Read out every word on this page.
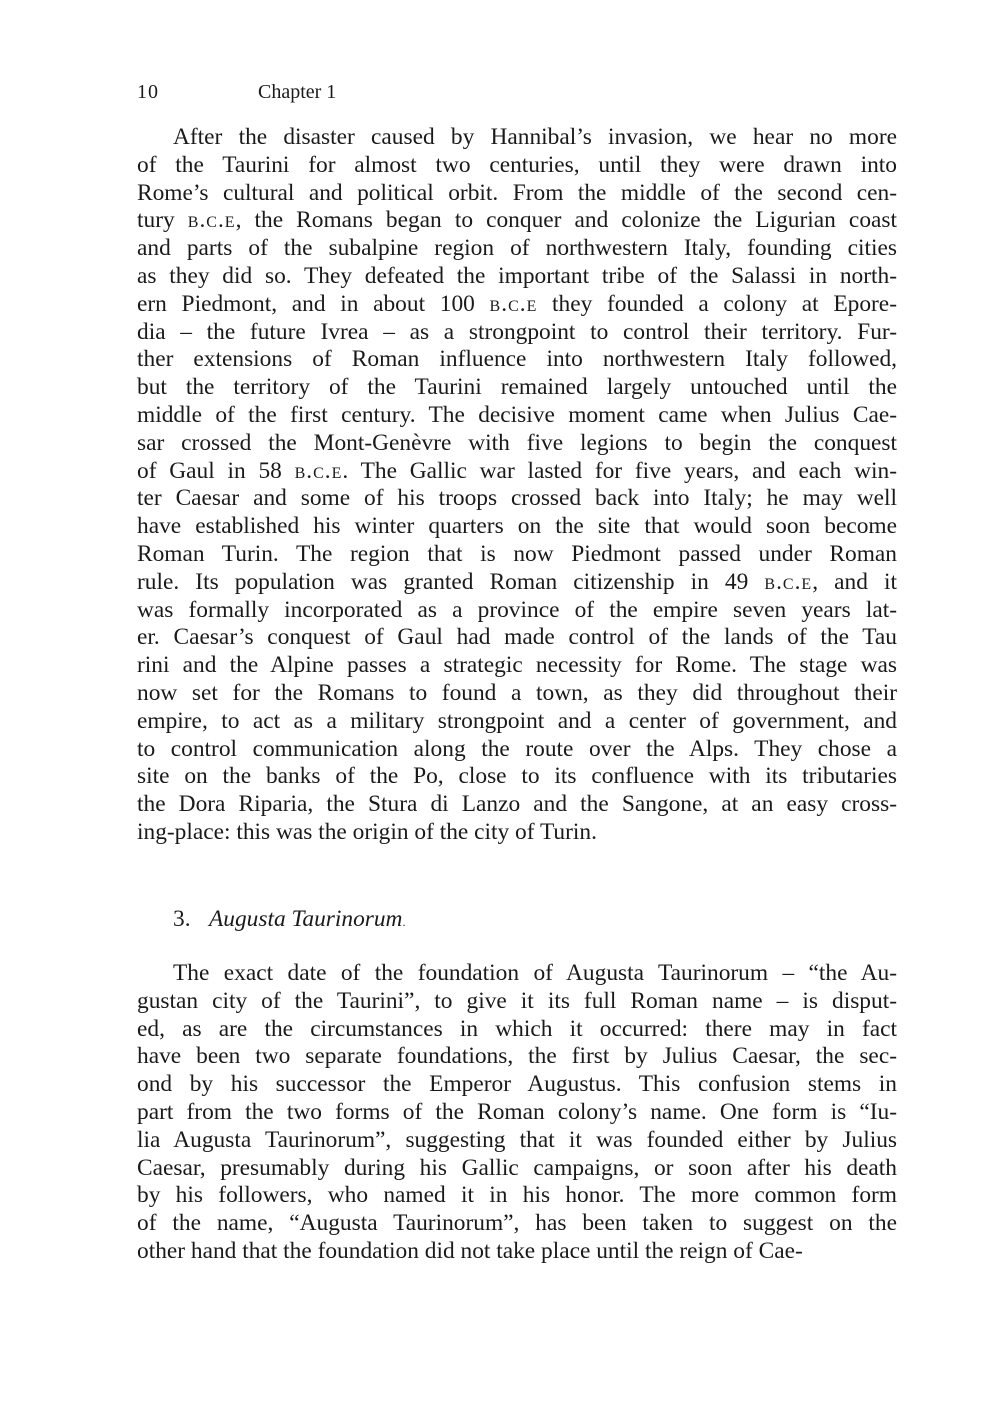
10	Chapter 1
After the disaster caused by Hannibal’s invasion, we hear no more
of the Taurini for almost two centuries, until they were drawn into
Rome’s cultural and political orbit. From the middle of the second cen-
tury b.c.e, the Romans began to conquer and colonize the Ligurian coast
and parts of the subalpine region of northwestern Italy, founding cities
as they did so. They defeated the important tribe of the Salassi in north-
ern Piedmont, and in about 100 b.c.e they founded a colony at Epore-
dia – the future Ivrea – as a strongpoint to control their territory. Fur-
ther extensions of Roman influence into northwestern Italy followed,
but the territory of the Taurini remained largely untouched until the
middle of the first century. The decisive moment came when Julius Cae-
sar crossed the Mont-Genèvre with five legions to begin the conquest
of Gaul in 58 b.c.e. The Gallic war lasted for five years, and each win-
ter Caesar and some of his troops crossed back into Italy; he may well
have established his winter quarters on the site that would soon become
Roman Turin. The region that is now Piedmont passed under Roman
rule. Its population was granted Roman citizenship in 49 b.c.e, and it
was formally incorporated as a province of the empire seven years lat-
er. Caesar’s conquest of Gaul had made control of the lands of the Tau
rini and the Alpine passes a strategic necessity for Rome. The stage was
now set for the Romans to found a town, as they did throughout their
empire, to act as a military strongpoint and a center of government, and
to control communication along the route over the Alps. They chose a
site on the banks of the Po, close to its confluence with its tributaries
the Dora Riparia, the Stura di Lanzo and the Sangone, at an easy cross-
ing-place: this was the origin of the city of Turin.
3. Augusta Taurinorum.
The exact date of the foundation of Augusta Taurinorum – “the Au-
gustan city of the Taurini”, to give it its full Roman name – is disput-
ed, as are the circumstances in which it occurred: there may in fact
have been two separate foundations, the first by Julius Caesar, the sec-
ond by his successor the Emperor Augustus. This confusion stems in
part from the two forms of the Roman colony’s name. One form is “Iu-
lia Augusta Taurinorum”, suggesting that it was founded either by Julius
Caesar, presumably during his Gallic campaigns, or soon after his death
by his followers, who named it in his honor. The more common form
of the name, “Augusta Taurinorum”, has been taken to suggest on the
other hand that the foundation did not take place until the reign of Cae-
